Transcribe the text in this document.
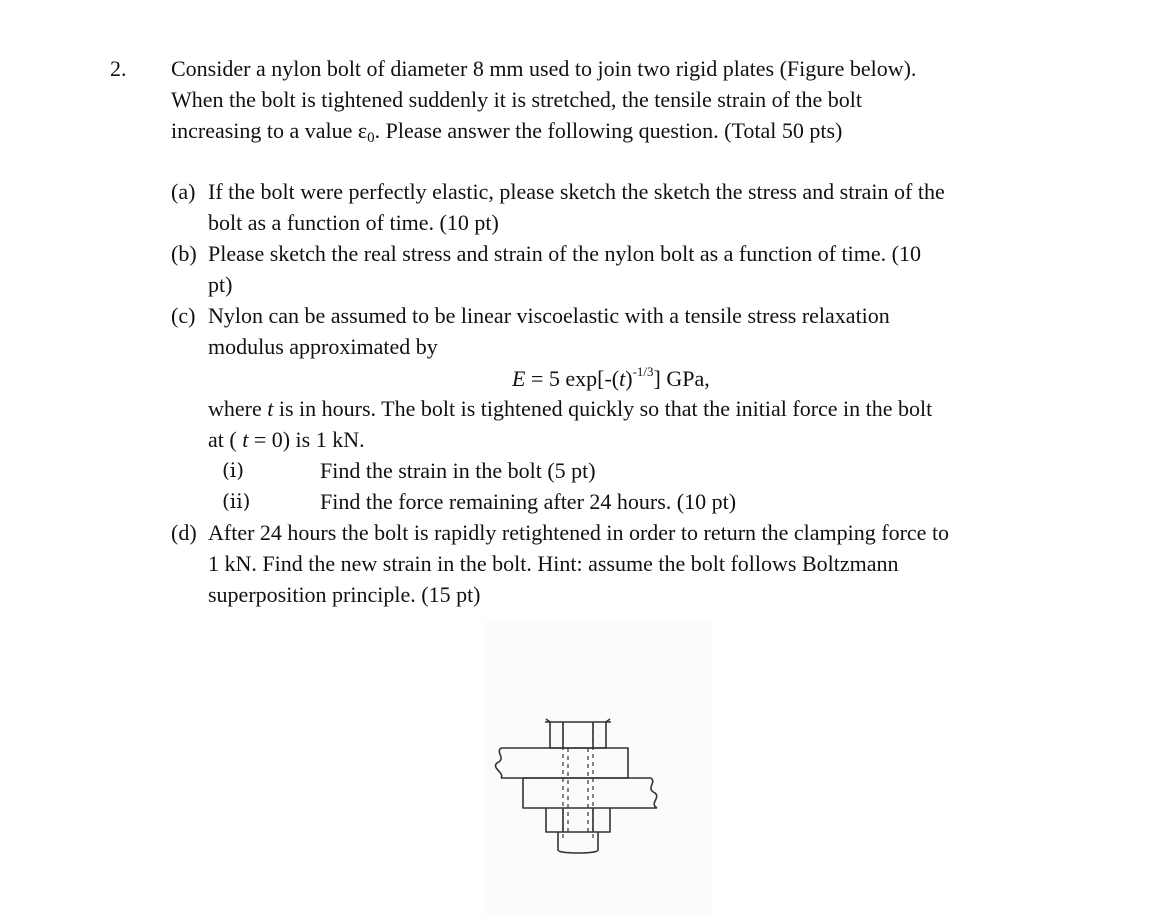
2. Consider a nylon bolt of diameter 8 mm used to join two rigid plates (Figure below).
When the bolt is tightened suddenly it is stretched, the tensile strain of the bolt
increasing to a value $\varepsilon_0$. Please answer the following question. (Total 50 pts)
(a) If the bolt were perfectly elastic, please sketch the sketch the stress and strain of the
bolt as a function of time. (10 pt)
(b) Please sketch the real stress and strain of the nylon bolt as a function of time. (10
pt)
(c) Nylon can be assumed to be linear viscoelastic with a tensile stress relaxation
modulus approximated by
E = 5 $\exp[-(t)^{-1/3}]$ GPa,
where t is in hours. The bolt is tightened quickly so that the initial force in the bolt
at ( t = 0) is 1 kN.
(i)	Find the strain in the bolt (5 pt)
(ii)	Find the force remaining after 24 hours. (10 pt)
(d) After 24 hours the bolt is rapidly retightened in order to return the clamping force to
1 kN. Find the new strain in the bolt. Hint: assume the bolt follows Boltzmann
superposition principle. (15 pt)
